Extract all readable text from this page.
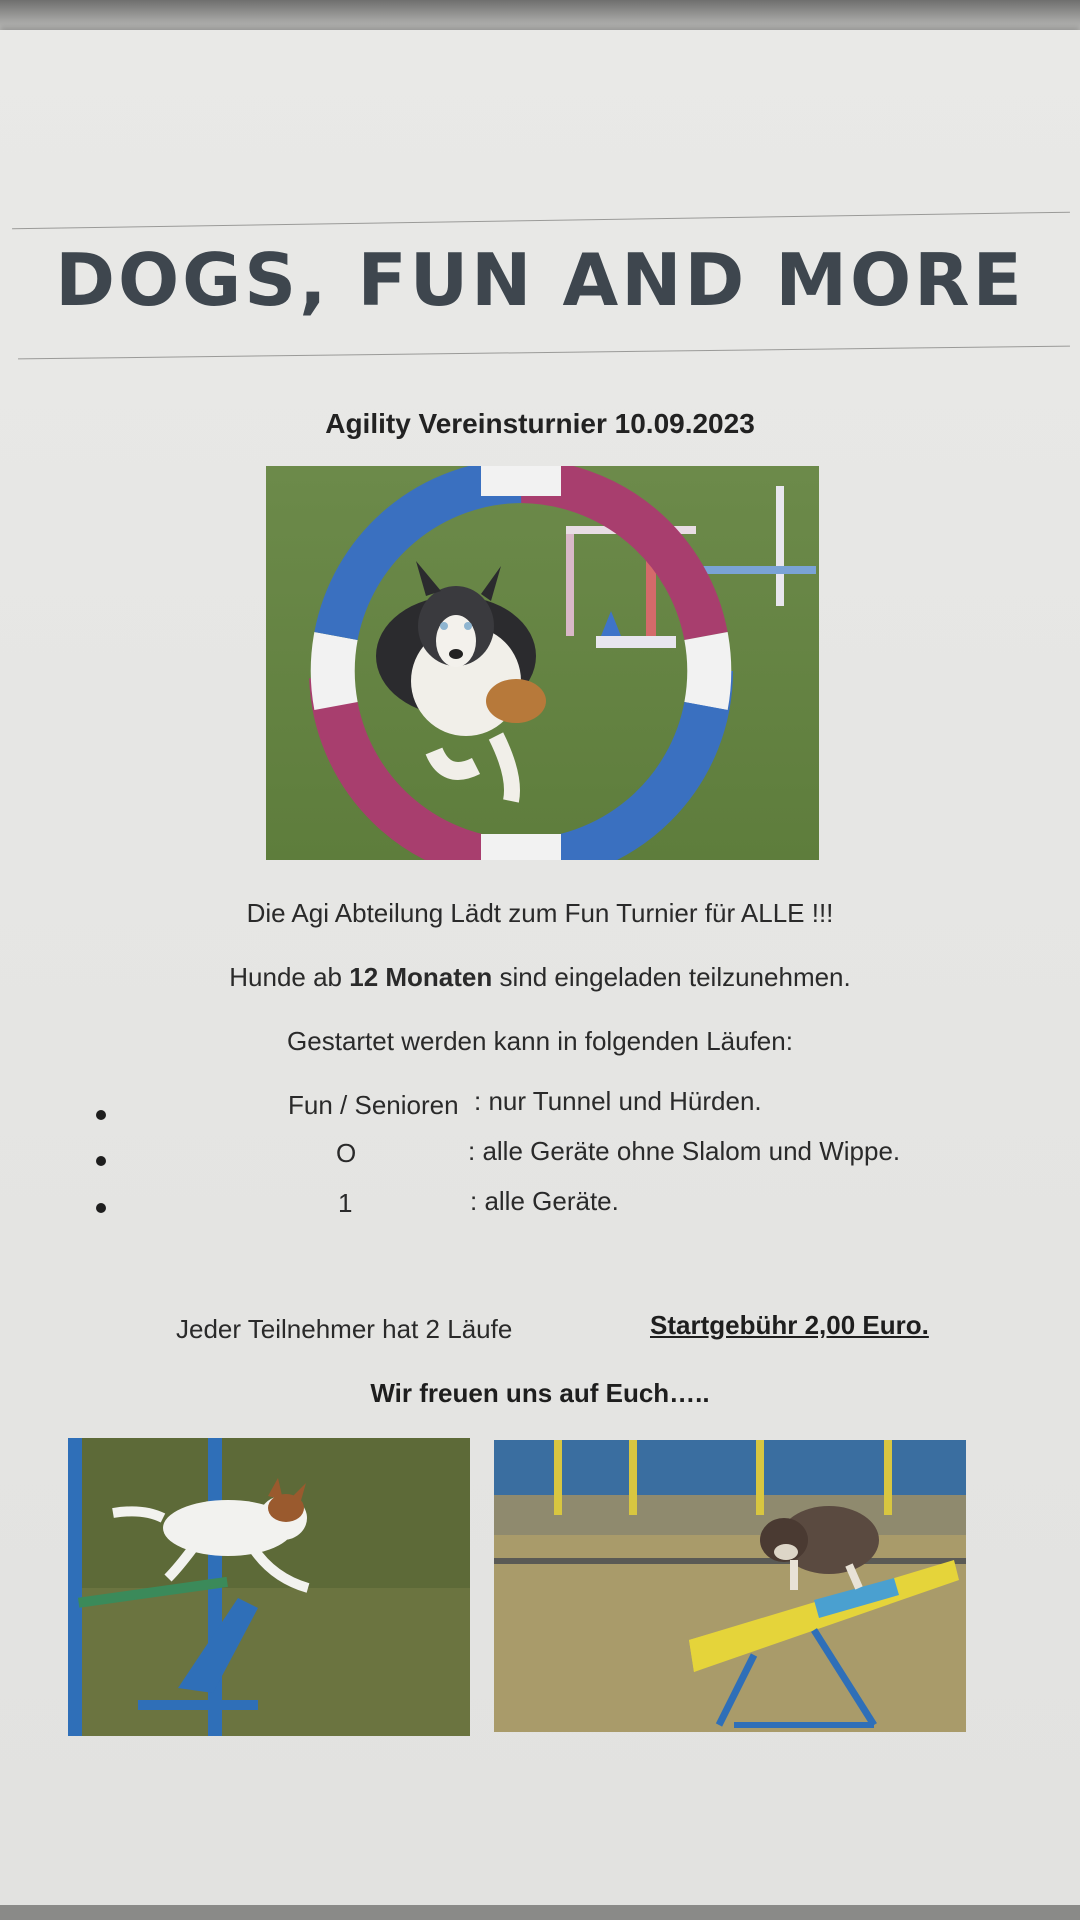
DOGS, FUN AND MORE
Agility Vereinsturnier 10.09.2023
Die Agi Abteilung Lädt zum Fun Turnier für ALLE !!!
Hunde ab 12 Monaten sind eingeladen teilzunehmen.
Gestartet werden kann in folgenden Läufen:
Fun / Senioren : nur Tunnel und Hürden.
O	: alle Geräte ohne Slalom und Wippe.
1	: alle Geräte.
Jeder Teilnehmer hat 2 Läufe	Startgebühr 2,00 Euro.
Wir freuen uns auf Euch…..
